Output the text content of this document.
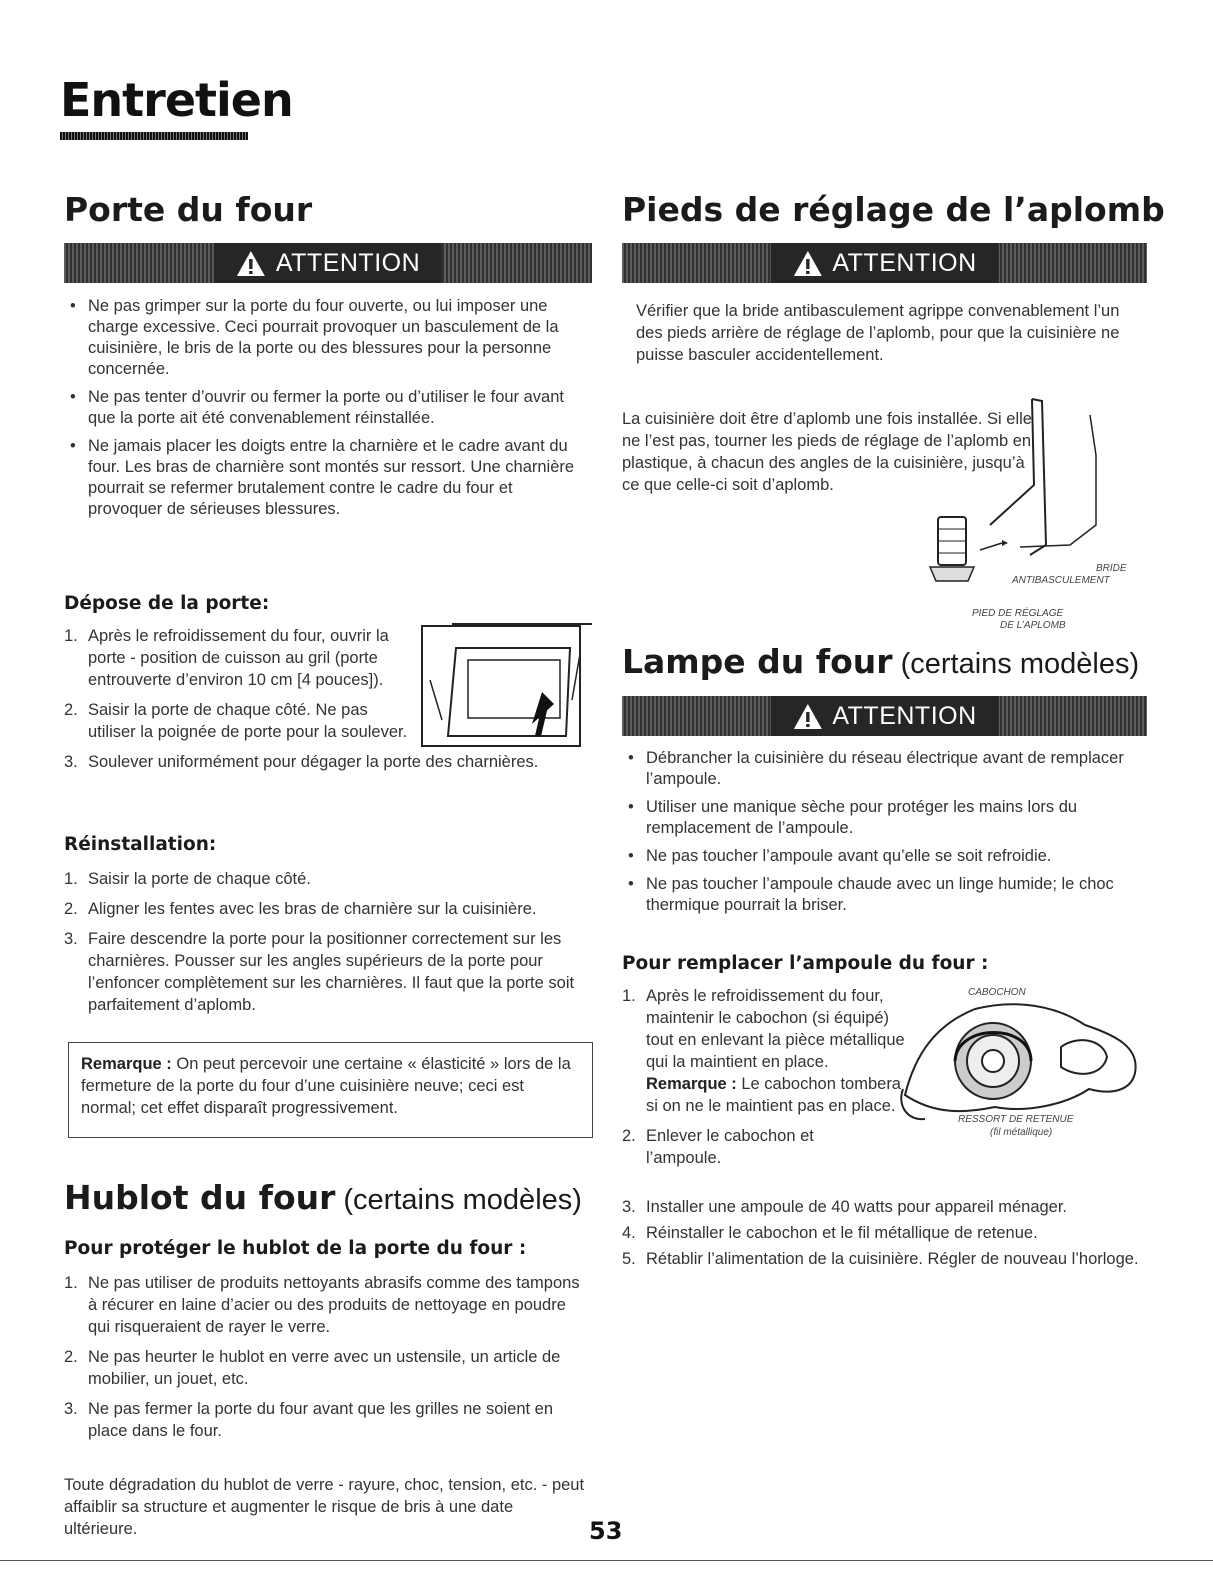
Entretien
Porte du four
ATTENTION
• Ne pas grimper sur la porte du four ouverte, ou lui imposer une charge excessive. Ceci pourrait provoquer un basculement de la cuisinière, le bris de la porte ou des blessures pour la personne concernée.
• Ne pas tenter d’ouvrir ou fermer la porte ou d’utiliser le four avant que la porte ait été convenablement réinstallée.
• Ne jamais placer les doigts entre la charnière et le cadre avant du four. Les bras de charnière sont montés sur ressort. Une charnière pourrait se refermer brutalement contre le cadre du four et provoquer de sérieuses blessures.
Dépose de la porte:
1. Après le refroidissement du four, ouvrir la porte - position de cuisson au gril (porte entrouverte d’environ 10 cm [4 pouces]).
2. Saisir la porte de chaque côté. Ne pas utiliser la poignée de porte pour la soulever.
3. Soulever uniformément pour dégager la porte des charnières.
Réinstallation:
1. Saisir la porte de chaque côté.
2. Aligner les fentes avec les bras de charnière sur la cuisinière.
3. Faire descendre la porte pour la positionner correctement sur les charnières. Pousser sur les angles supérieurs de la porte pour l’enfoncer complètement sur les charnières. Il faut que la porte soit parfaitement d’aplomb.
Remarque : On peut percevoir une certaine « élasticité » lors de la fermeture de la porte du four d’une cuisinière neuve; ceci est normal; cet effet disparaît progressivement.
Hublot du four (certains modèles)
Pour protéger le hublot de la porte du four :
1. Ne pas utiliser de produits nettoyants abrasifs comme des tampons à récurer en laine d’acier ou des produits de nettoyage en poudre qui risqueraient de rayer le verre.
2. Ne pas heurter le hublot en verre avec un ustensile, un article de mobilier, un jouet, etc.
3. Ne pas fermer la porte du four avant que les grilles ne soient en place dans le four.
Toute dégradation du hublot de verre - rayure, choc, tension, etc. - peut affaiblir sa structure et augmenter le risque de bris à une date ultérieure.
Pieds de réglage de l’aplomb
ATTENTION
Vérifier que la bride antibasculement agrippe convenablement l’un des pieds arrière de réglage de l’aplomb, pour que la cuisinière ne puisse basculer accidentellement.
La cuisinière doit être d’aplomb une fois installée. Si elle ne l’est pas, tourner les pieds de réglage de l’aplomb en plastique, à chacun des angles de la cuisinière, jusqu’à ce que celle-ci soit d’aplomb.
BRIDE
ANTIBASCULEMENT
PIED DE RÉGLAGE
DE L’APLOMB
Lampe du four (certains modèles)
ATTENTION
• Débrancher la cuisinière du réseau électrique avant de remplacer l’ampoule.
• Utiliser une manique sèche pour protéger les mains lors du remplacement de l’ampoule.
• Ne pas toucher l’ampoule avant qu’elle se soit refroidie.
• Ne pas toucher l’ampoule chaude avec un linge humide; le choc thermique pourrait la briser.
Pour remplacer l’ampoule du four :
1. Après le refroidissement du four, maintenir le cabochon (si équipé) tout en enlevant la pièce métallique qui la maintient en place. Remarque : Le cabochon tombera si on ne le maintient pas en place.
2. Enlever le cabochon et l’ampoule.
3. Installer une ampoule de 40 watts pour appareil ménager.
4. Réinstaller le cabochon et le fil métallique de retenue.
5. Rétablir l’alimentation de la cuisinière. Régler de nouveau l’horloge.
CABOCHON
RESSORT DE RETENUE
(fil métallique)
53
